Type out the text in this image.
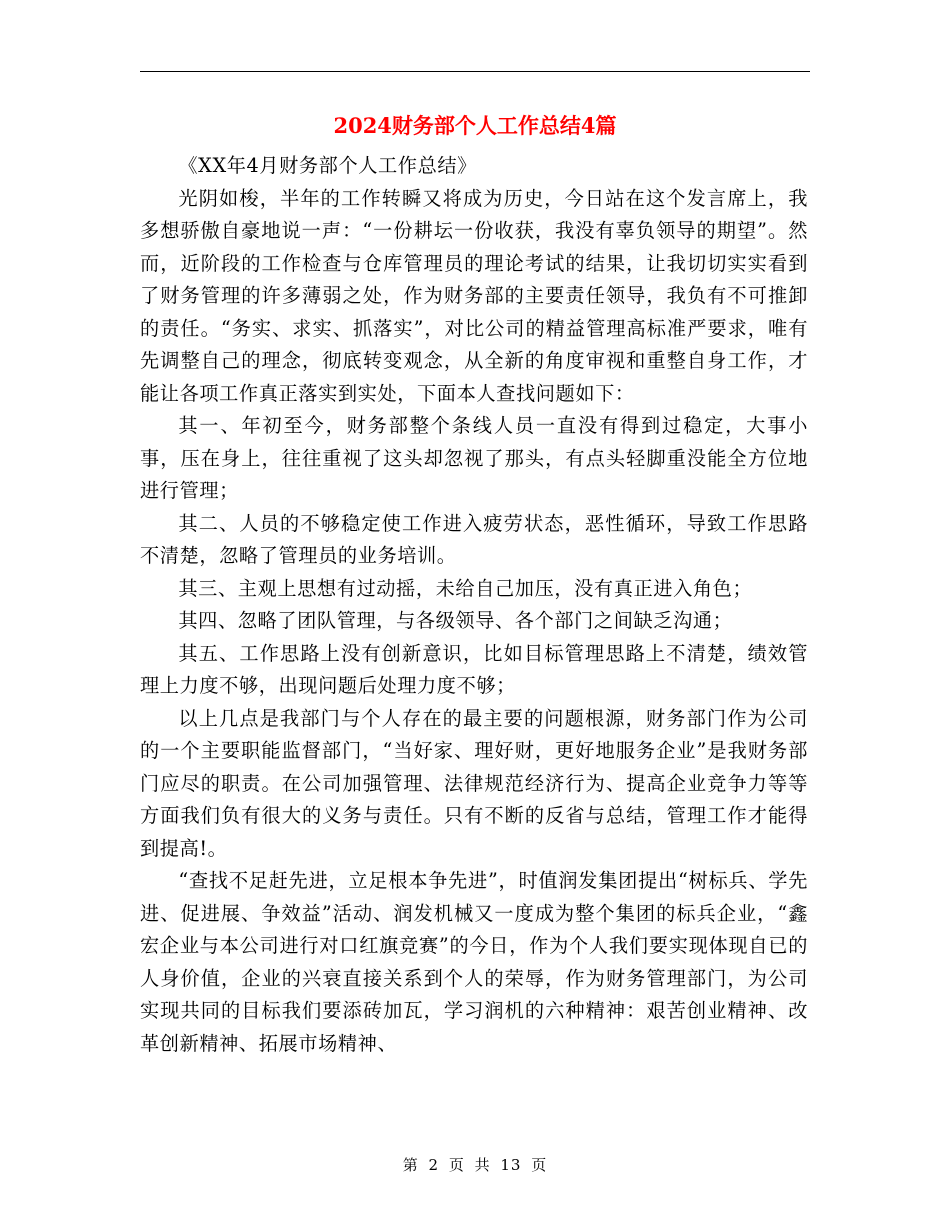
2024财务部个人工作总结4篇

《XX年4月财务部个人工作总结》

光阴如梭，半年的工作转瞬又将成为历史，今日站在这个发言席上，我多想骄傲自豪地说一声：“一份耕坛一份收获，我没有辜负领导的期望”。然而，近阶段的工作检查与仓库管理员的理论考试的结果，让我切切实实看到了财务管理的许多薄弱之处，作为财务部的主要责任领导，我负有不可推卸的责任。“务实、求实、抓落实”，对比公司的精益管理高标准严要求，唯有先调整自己的理念，彻底转变观念，从全新的角度审视和重整自身工作，才能让各项工作真正落实到实处，下面本人查找问题如下：

其一、年初至今，财务部整个条线人员一直没有得到过稳定，大事小事，压在身上，往往重视了这头却忽视了那头，有点头轻脚重没能全方位地进行管理；

其二、人员的不够稳定使工作进入疲劳状态，恶性循环，导致工作思路不清楚，忽略了管理员的业务培训。

其三、主观上思想有过动摇，未给自己加压，没有真正进入角色；

其四、忽略了团队管理，与各级领导、各个部门之间缺乏沟通；

其五、工作思路上没有创新意识，比如目标管理思路上不清楚，绩效管理上力度不够，出现问题后处理力度不够；

以上几点是我部门与个人存在的最主要的问题根源，财务部门作为公司的一个主要职能监督部门，“当好家、理好财，更好地服务企业”是我财务部门应尽的职责。在公司加强管理、法律规范经济行为、提高企业竞争力等等方面我们负有很大的义务与责任。只有不断的反省与总结，管理工作才能得到提高!。

“查找不足赶先进，立足根本争先进”，时值润发集团提出“树标兵、学先进、促进展、争效益”活动、润发机械又一度成为整个集团的标兵企业，“鑫宏企业与本公司进行对口红旗竞赛”的今日，作为个人我们要实现体现自已的人身价值，企业的兴衰直接关系到个人的荣辱，作为财务管理部门，为公司实现共同的目标我们要添砖加瓦，学习润机的六种精神：艰苦创业精神、改革创新精神、拓展市场精神、

第 2 页 共 13 页
